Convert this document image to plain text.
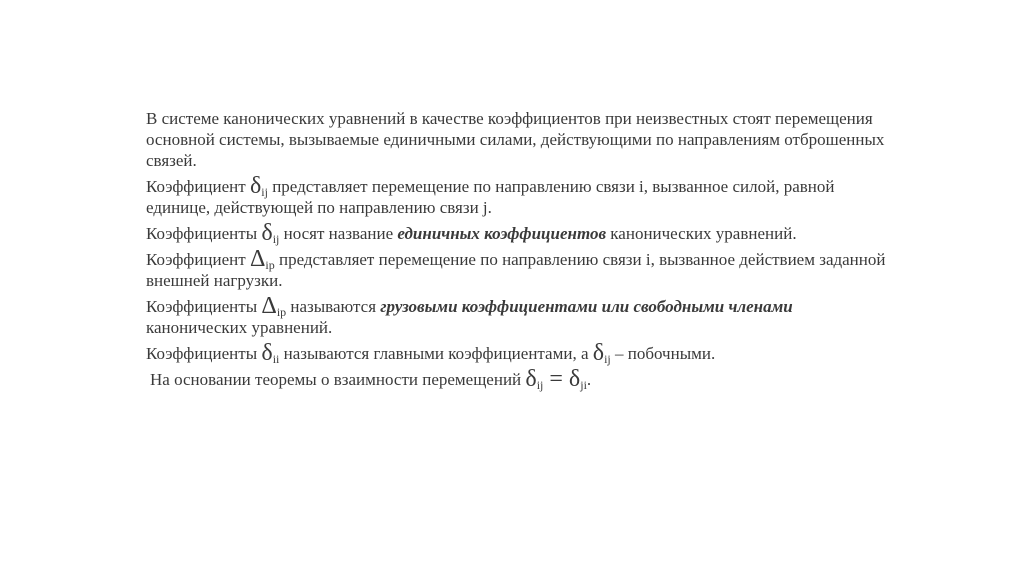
В системе канонических уравнений в качестве коэффициентов при неизвестных стоят перемещения основной системы, вызываемые единичными силами, действующими по направлениям отброшенных связей.

Коэффициент $\delta_{ij}$ представляет перемещение по направлению связи i, вызванное силой, равной единице, действующей по направлению связи j.

Коэффициенты $\delta_{ij}$ носят название единичных коэффициентов канонических уравнений.

Коэффициент $\Delta_{ip}$ представляет перемещение по направлению связи i, вызванное действием заданной внешней нагрузки.

Коэффициенты $\Delta_{ip}$ называются грузовыми коэффициентами или свободными членами канонических уравнений.

Коэффициенты $\delta_{ii}$ называются главными коэффициентами, а $\delta_{ij}$ – побочными.

На основании теоремы о взаимности перемещений $\delta_{ij} = \delta_{ji}$.
